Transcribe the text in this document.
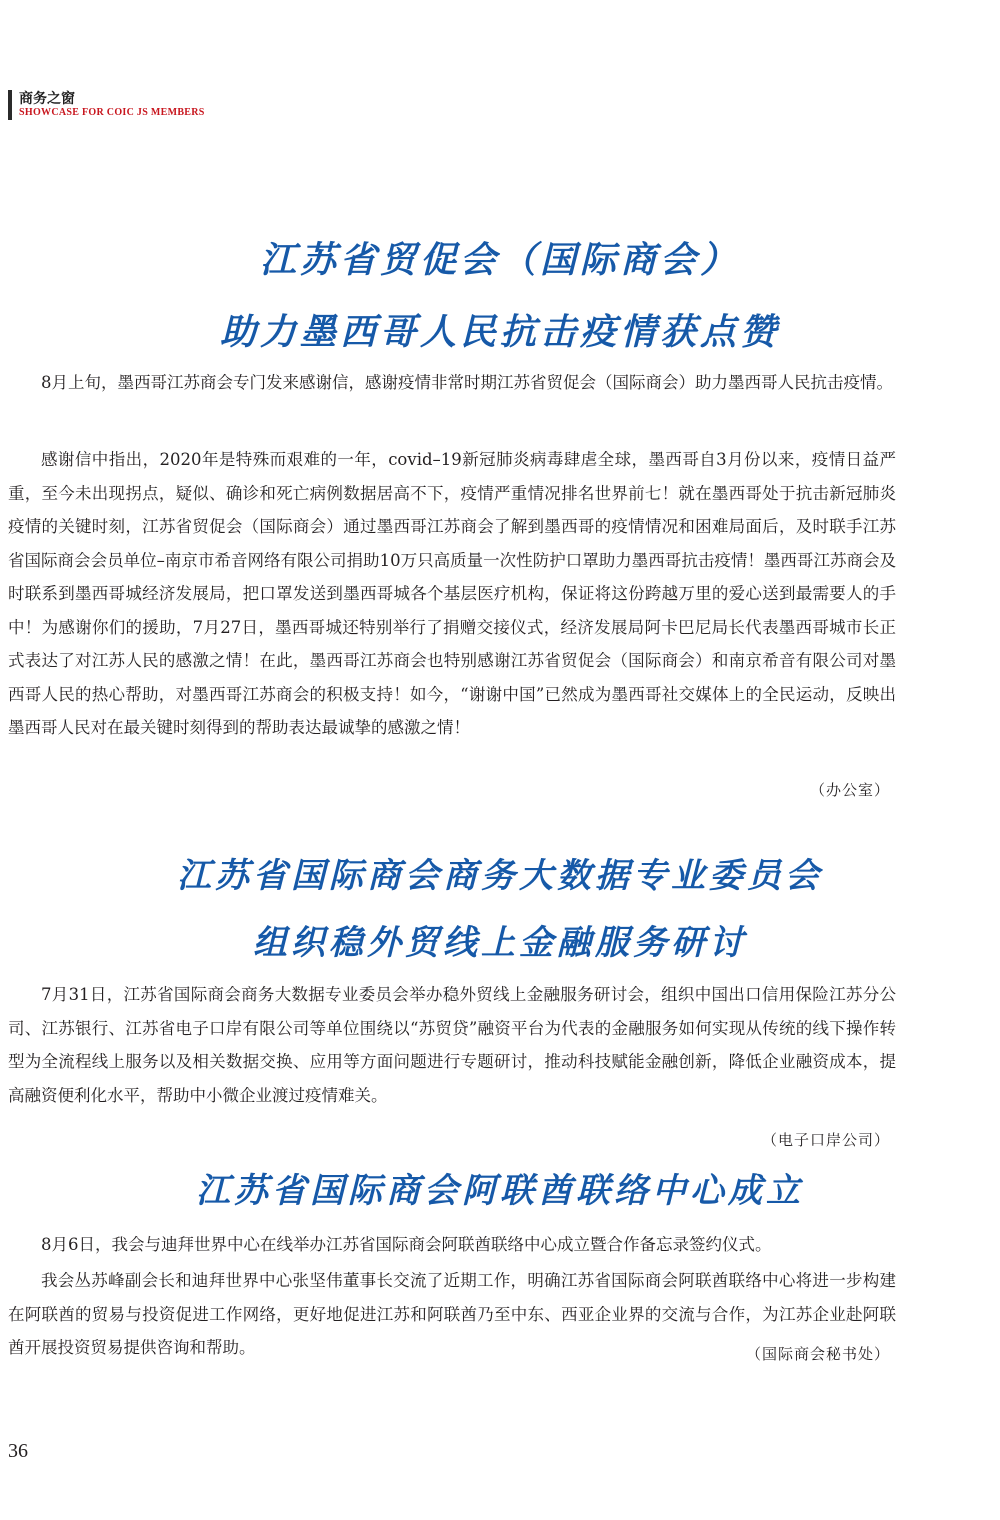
商务之窗
SHOWCASE FOR COIC JS MEMBERS
江苏省贸促会（国际商会）
助力墨西哥人民抗击疫情获点赞

8月上旬，墨西哥江苏商会专门发来感谢信，感谢疫情非常时期江苏省贸促会（国际商会）助力墨西哥人民抗击疫情。

感谢信中指出，2020年是特殊而艰难的一年，covid–19新冠肺炎病毒肆虐全球，墨西哥自3月份以来，疫情日益严重，至今未出现拐点，疑似、确诊和死亡病例数据居高不下，疫情严重情况排名世界前七！就在墨西哥处于抗击新冠肺炎疫情的关键时刻，江苏省贸促会（国际商会）通过墨西哥江苏商会了解到墨西哥的疫情情况和困难局面后，及时联手江苏省国际商会会员单位–南京市希音网络有限公司捐助10万只高质量一次性防护口罩助力墨西哥抗击疫情！墨西哥江苏商会及时联系到墨西哥城经济发展局，把口罩发送到墨西哥城各个基层医疗机构，保证将这份跨越万里的爱心送到最需要人的手中！为感谢你们的援助，7月27日，墨西哥城还特别举行了捐赠交接仪式，经济发展局阿卡巴尼局长代表墨西哥城市长正式表达了对江苏人民的感激之情！在此，墨西哥江苏商会也特别感谢江苏省贸促会（国际商会）和南京希音有限公司对墨西哥人民的热心帮助，对墨西哥江苏商会的积极支持！如今，“谢谢中国”已然成为墨西哥社交媒体上的全民运动，反映出墨西哥人民对在最关键时刻得到的帮助表达最诚挚的感激之情！

（办公室）
江苏省国际商会商务大数据专业委员会
组织稳外贸线上金融服务研讨

7月31日，江苏省国际商会商务大数据专业委员会举办稳外贸线上金融服务研讨会，组织中国出口信用保险江苏分公司、江苏银行、江苏省电子口岸有限公司等单位围绕以“苏贸贷”融资平台为代表的金融服务如何实现从传统的线下操作转型为全流程线上服务以及相关数据交换、应用等方面问题进行专题研讨，推动科技赋能金融创新，降低企业融资成本，提高融资便利化水平，帮助中小微企业渡过疫情难关。

（电子口岸公司）
江苏省国际商会阿联酋联络中心成立

8月6日，我会与迪拜世界中心在线举办江苏省国际商会阿联酋联络中心成立暨合作备忘录签约仪式。

我会丛苏峰副会长和迪拜世界中心张坚伟董事长交流了近期工作，明确江苏省国际商会阿联酋联络中心将进一步构建在阿联酋的贸易与投资促进工作网络，更好地促进江苏和阿联酋乃至中东、西亚企业界的交流与合作，为江苏企业赴阿联酋开展投资贸易提供咨询和帮助。	（国际商会秘书处）
36
